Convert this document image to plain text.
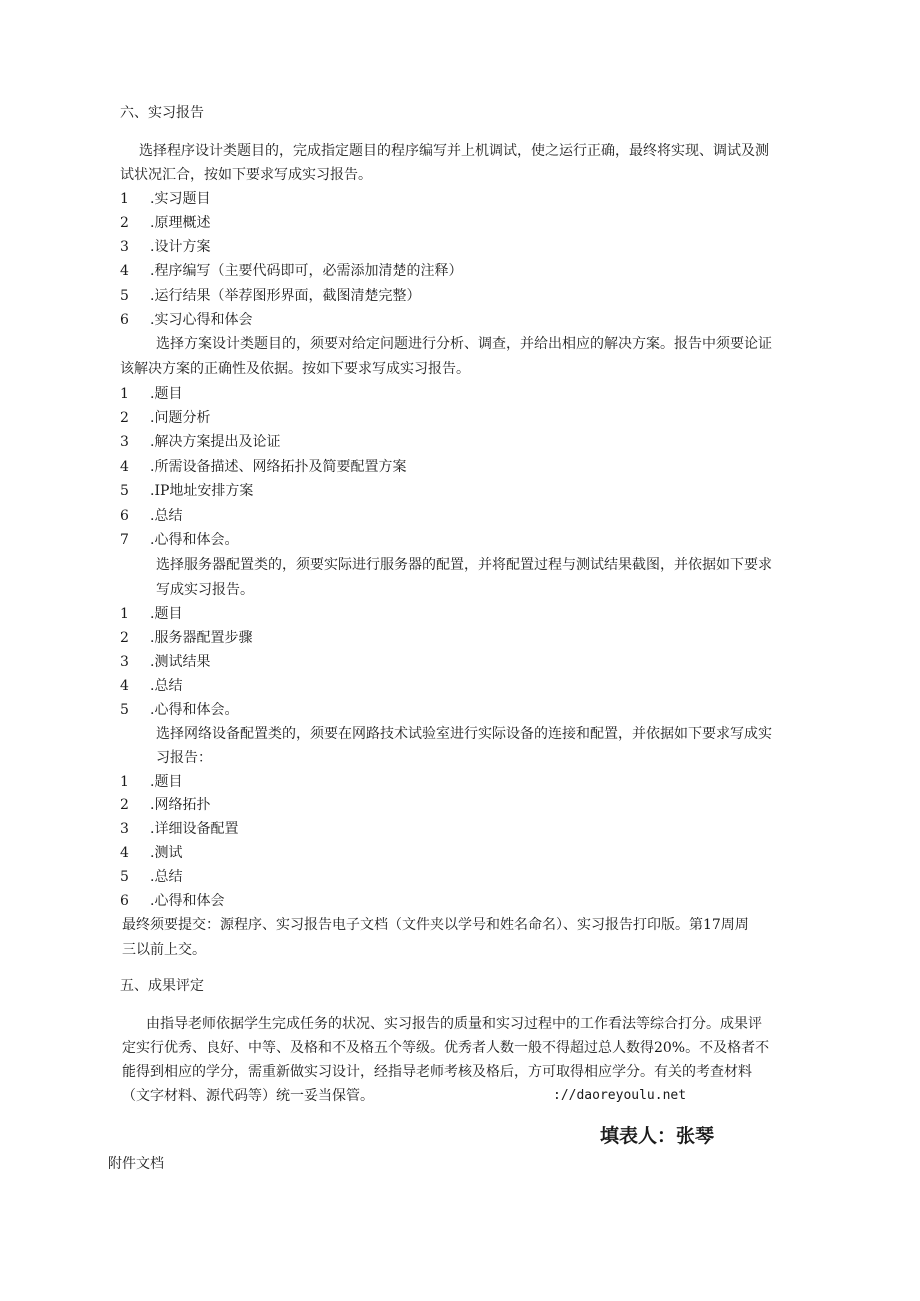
六、实习报告
选择程序设计类题目的，完成指定题目的程序编写并上机调试，使之运行正确，最终将实现、调试及测
试状况汇合，按如下要求写成实习报告。
1 .实习题目
2 .原理概述
3 .设计方案
4 .程序编写（主要代码即可，必需添加清楚的注释）
5 .运行结果（举荐图形界面，截图清楚完整）
6 .实习心得和体会
选择方案设计类题目的，须要对给定问题进行分析、调查，并给出相应的解决方案。报告中须要论证
该解决方案的正确性及依据。按如下要求写成实习报告。
1 .题目
2 .问题分析
3 .解决方案提出及论证
4 .所需设备描述、网络拓扑及简要配置方案
5 .IP地址安排方案
6 .总结
7 .心得和体会。
选择服务器配置类的，须要实际进行服务器的配置，并将配置过程与测试结果截图，并依据如下要求
写成实习报告。
1 .题目
2 .服务器配置步骤
3 .测试结果
4 .总结
5 .心得和体会。
选择网络设备配置类的，须要在网路技术试验室进行实际设备的连接和配置，并依据如下要求写成实
习报告：
1 .题目
2 .网络拓扑
3 .详细设备配置
4 .测试
5 .总结
6 .心得和体会
最终须要提交：源程序、实习报告电子文档（文件夹以学号和姓名命名）、实习报告打印版。第17周周
三以前上交。
五、成果评定
由指导老师依据学生完成任务的状况、实习报告的质量和实习过程中的工作看法等综合打分。成果评
定实行优秀、良好、中等、及格和不及格五个等级。优秀者人数一般不得超过总人数得20%。不及格者不
能得到相应的学分，需重新做实习设计，经指导老师考核及格后，方可取得相应学分。有关的考查材料
（文字材料、源代码等）统一妥当保管。	://daoreyoulu.net
填表人：张琴
附件文档
